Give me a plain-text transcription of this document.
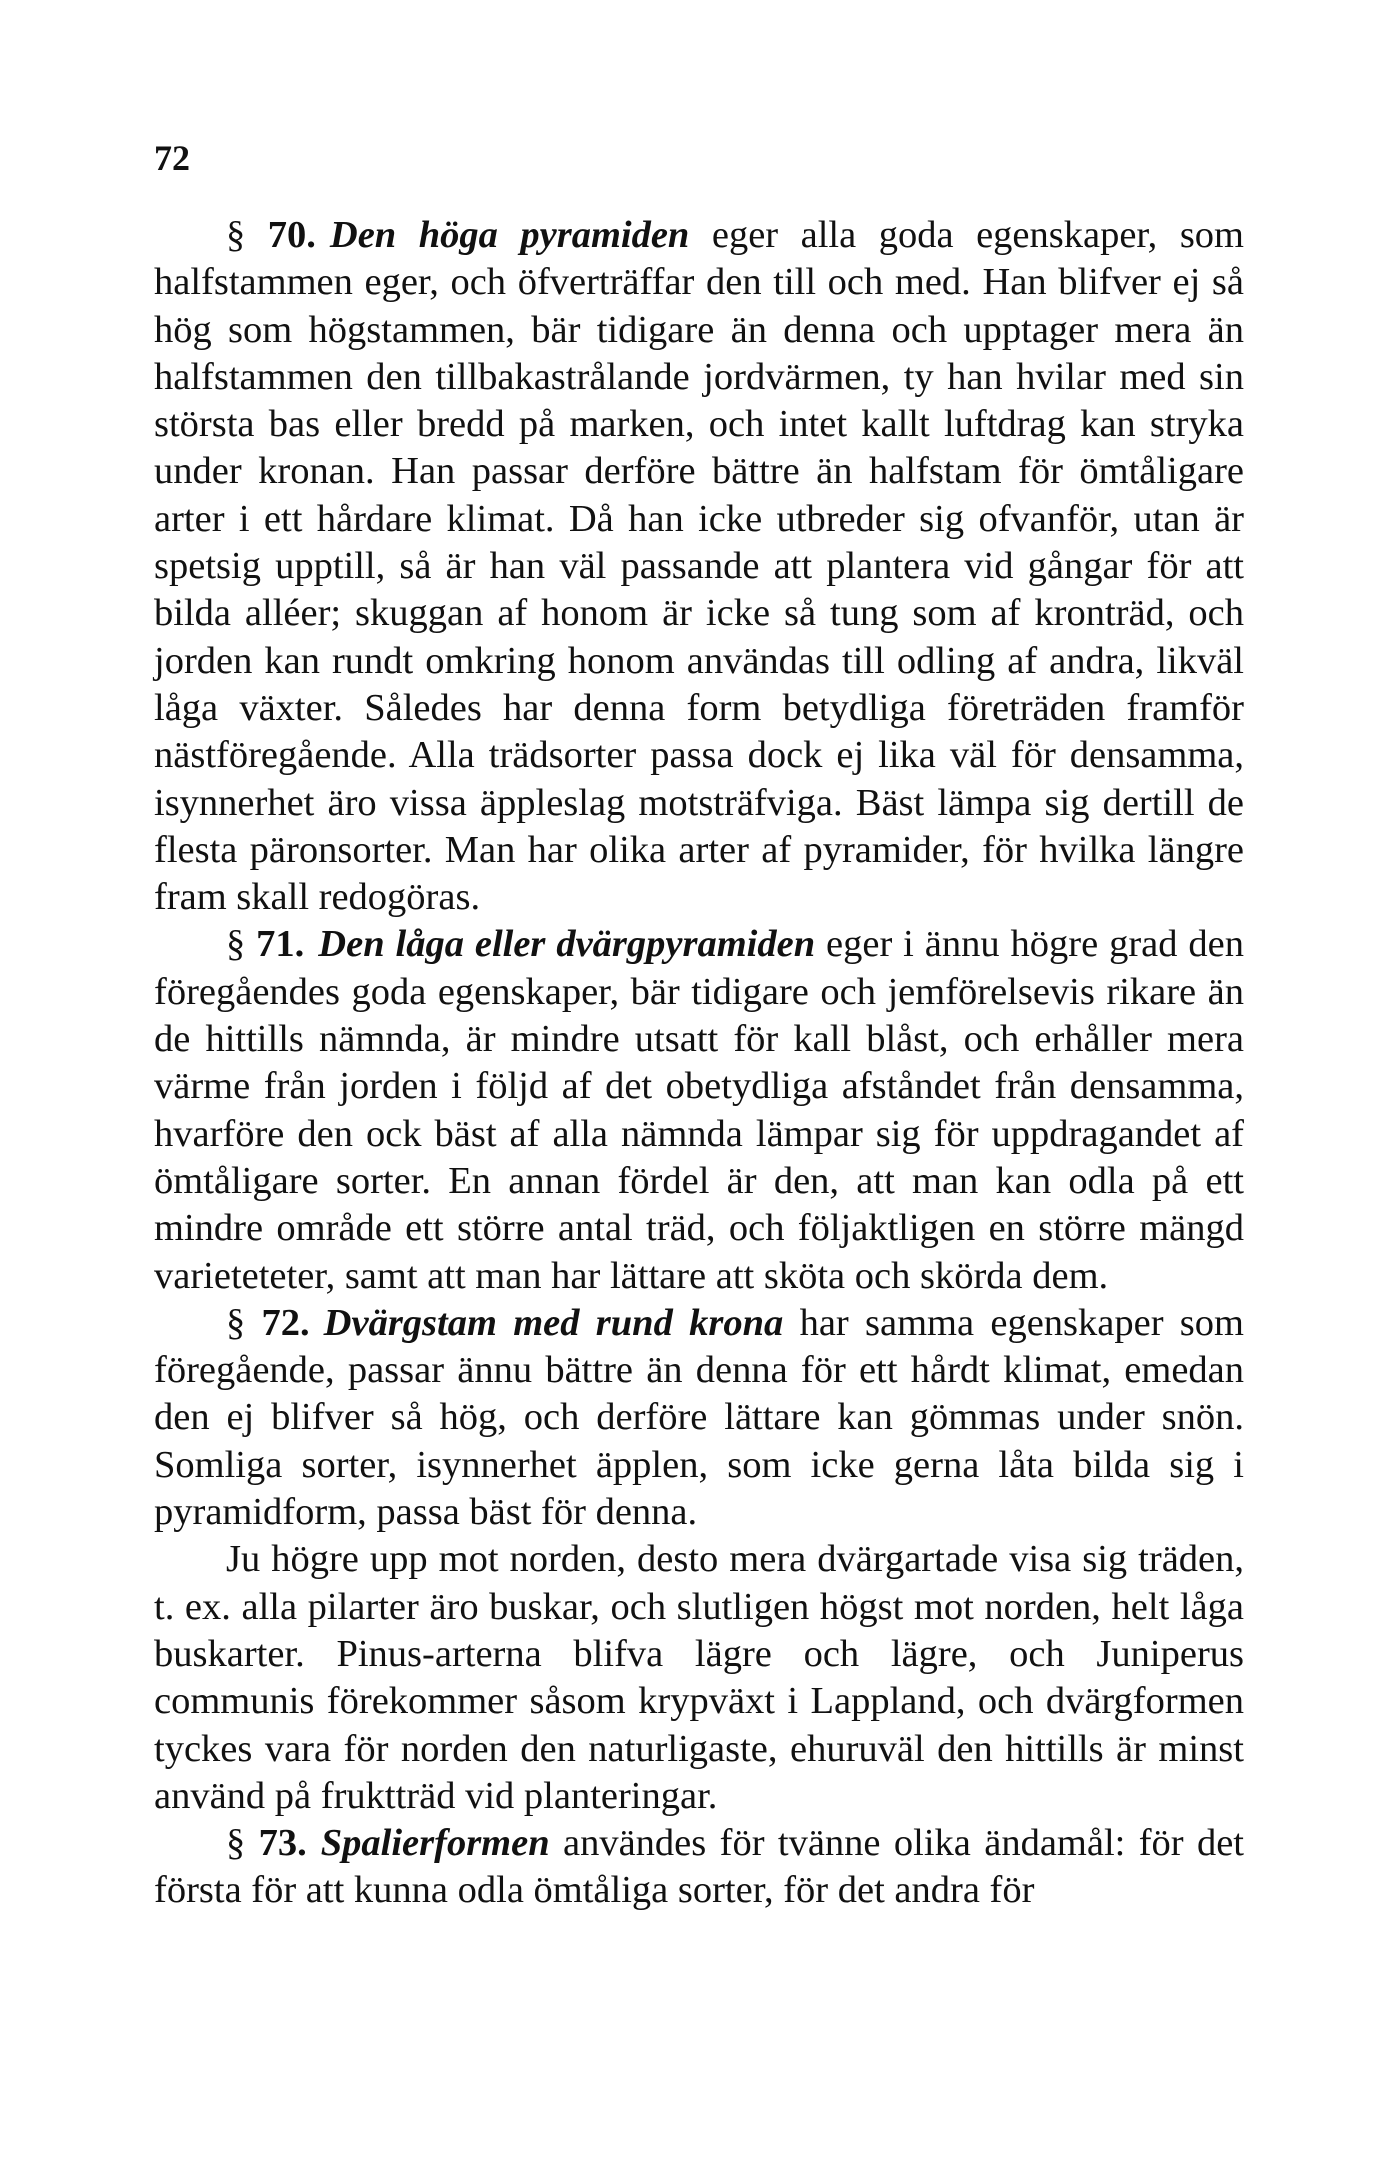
72

§ 70. Den höga pyramiden eger alla goda egenskaper, som halfstammen eger, och öfverträffar den till och med. Han blifver ej så hög som högstammen, bär tidigare än denna och upptager mera än halfstammen den tillbakastrålande jordvärmen, ty han hvilar med sin största bas eller bredd på marken, och intet kallt luftdrag kan stryka under kronan. Han passar derföre bättre än halfstam för ömtåligare arter i ett hårdare klimat. Då han icke utbreder sig ofvanför, utan är spetsig upptill, så är han väl passande att plantera vid gångar för att bilda alléer; skuggan af honom är icke så tung som af kronträd, och jorden kan rundt omkring honom användas till odling af andra, likväl låga växter. Således har denna form betydliga företräden framför nästföregående. Alla trädsorter passa dock ej lika väl för densamma, isynnerhet äro vissa äppleslag motsträfviga. Bäst lämpa sig dertill de flesta päronsorter. Man har olika arter af pyramider, för hvilka längre fram skall redogöras.

§ 71. Den låga eller dvärgpyramiden eger i ännu högre grad den föregåendes goda egenskaper, bär tidigare och jemförelsevis rikare än de hittills nämnda, är mindre utsatt för kall blåst, och erhåller mera värme från jorden i följd af det obetydliga afståndet från densamma, hvarföre den ock bäst af alla nämnda lämpar sig för uppdragandet af ömtåligare sorter. En annan fördel är den, att man kan odla på ett mindre område ett större antal träd, och följaktligen en större mängd varieteteter, samt att man har lättare att sköta och skörda dem.

§ 72. Dvärgstam med rund krona har samma egenskaper som föregående, passar ännu bättre än denna för ett hårdt klimat, emedan den ej blifver så hög, och derföre lättare kan gömmas under snön. Somliga sorter, isynnerhet äpplen, som icke gerna låta bilda sig i pyramidform, passa bäst för denna.

Ju högre upp mot norden, desto mera dvärgartade visa sig träden, t. ex. alla pilarter äro buskar, och slutligen högst mot norden, helt låga buskarter. Pinus-arterna blifva lägre och lägre, och Juniperus communis förekommer såsom krypväxt i Lappland, och dvärgformen tyckes vara för norden den naturligaste, ehuruväl den hittills är minst använd på fruktträd vid planteringar.

§ 73. Spalierformen användes för tvänne olika ändamål: för det första för att kunna odla ömtåliga sorter, för det andra för
